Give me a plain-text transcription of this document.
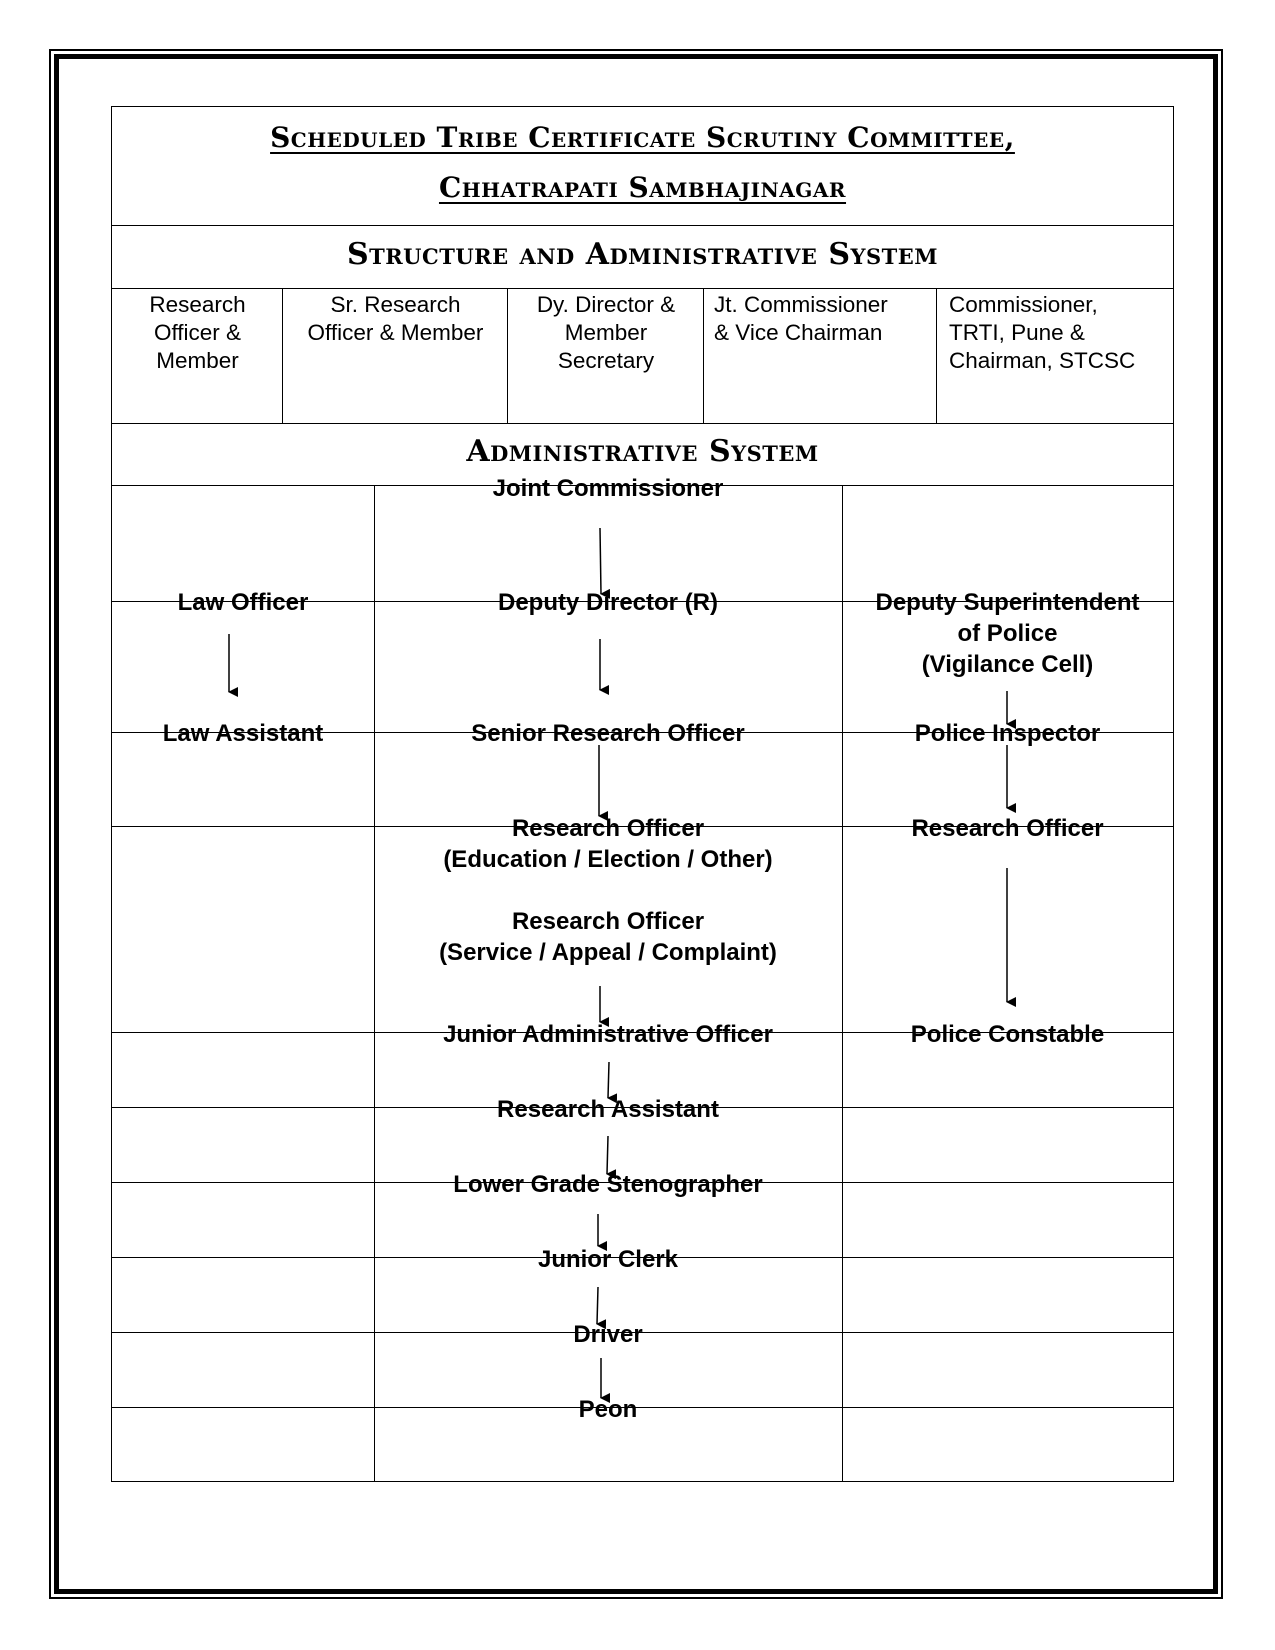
Scheduled Tribe Certificate Scrutiny Committee,
Chhatrapati Sambhajinagar
Structure and Administrative System
Research
Officer &
Member
Sr. Research
Officer & Member
Dy. Director &
Member
Secretary
Jt. Commissioner
& Vice Chairman
Commissioner,
TRTI, Pune &
Chairman, STCSC
Administrative System
Law Officer
Law Assistant
Joint Commissioner
Deputy Director (R)
Senior Research Officer
Research Officer
(Education / Election / Other)
Research Officer
(Service / Appeal / Complaint)
Junior Administrative Officer
Research Assistant
Lower Grade Stenographer
Junior Clerk
Driver
Peon
Deputy Superintendent
of Police
(Vigilance Cell)
Police Inspector
Research Officer
Police Constable
